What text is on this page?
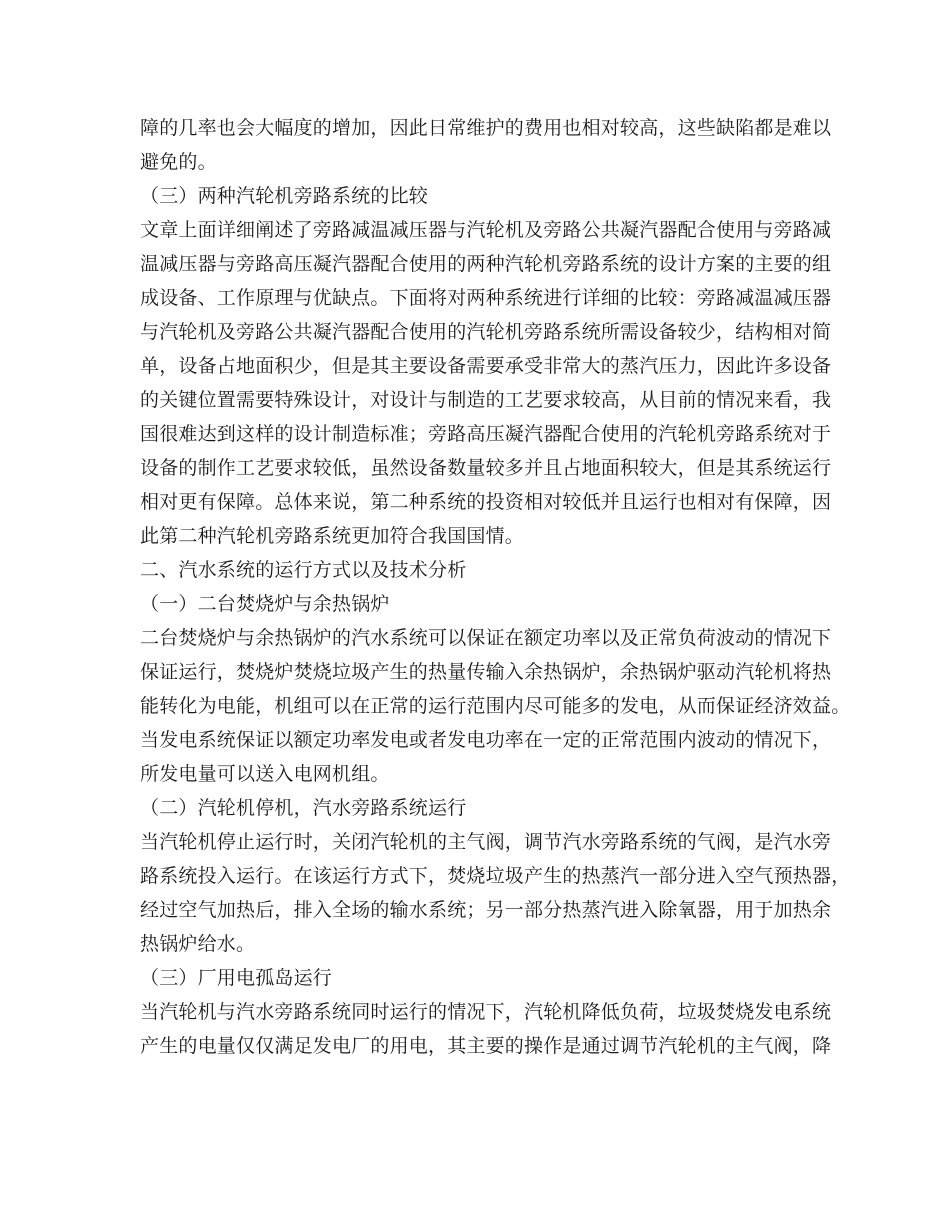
障的几率也会大幅度的增加，因此日常维护的费用也相对较高，这些缺陷都是难以
避免的。
（三）两种汽轮机旁路系统的比较
文章上面详细阐述了旁路减温减压器与汽轮机及旁路公共凝汽器配合使用与旁路减
温减压器与旁路高压凝汽器配合使用的两种汽轮机旁路系统的设计方案的主要的组
成设备、工作原理与优缺点。下面将对两种系统进行详细的比较：旁路减温减压器
与汽轮机及旁路公共凝汽器配合使用的汽轮机旁路系统所需设备较少，结构相对简
单，设备占地面积少，但是其主要设备需要承受非常大的蒸汽压力，因此许多设备
的关键位置需要特殊设计，对设计与制造的工艺要求较高，从目前的情况来看，我
国很难达到这样的设计制造标准；旁路高压凝汽器配合使用的汽轮机旁路系统对于
设备的制作工艺要求较低，虽然设备数量较多并且占地面积较大，但是其系统运行
相对更有保障。总体来说，第二种系统的投资相对较低并且运行也相对有保障，因
此第二种汽轮机旁路系统更加符合我国国情。
二、汽水系统的运行方式以及技术分析
（一）二台焚烧炉与余热锅炉
二台焚烧炉与余热锅炉的汽水系统可以保证在额定功率以及正常负荷波动的情况下
保证运行，焚烧炉焚烧垃圾产生的热量传输入余热锅炉，余热锅炉驱动汽轮机将热
能转化为电能，机组可以在正常的运行范围内尽可能多的发电，从而保证经济效益。
当发电系统保证以额定功率发电或者发电功率在一定的正常范围内波动的情况下，
所发电量可以送入电网机组。
（二）汽轮机停机，汽水旁路系统运行
当汽轮机停止运行时，关闭汽轮机的主气阀，调节汽水旁路系统的气阀，是汽水旁
路系统投入运行。在该运行方式下，焚烧垃圾产生的热蒸汽一部分进入空气预热器，
经过空气加热后，排入全场的输水系统；另一部分热蒸汽进入除氧器，用于加热余
热锅炉给水。
（三）厂用电孤岛运行
当汽轮机与汽水旁路系统同时运行的情况下，汽轮机降低负荷，垃圾焚烧发电系统
产生的电量仅仅满足发电厂的用电，其主要的操作是通过调节汽轮机的主气阀，降
